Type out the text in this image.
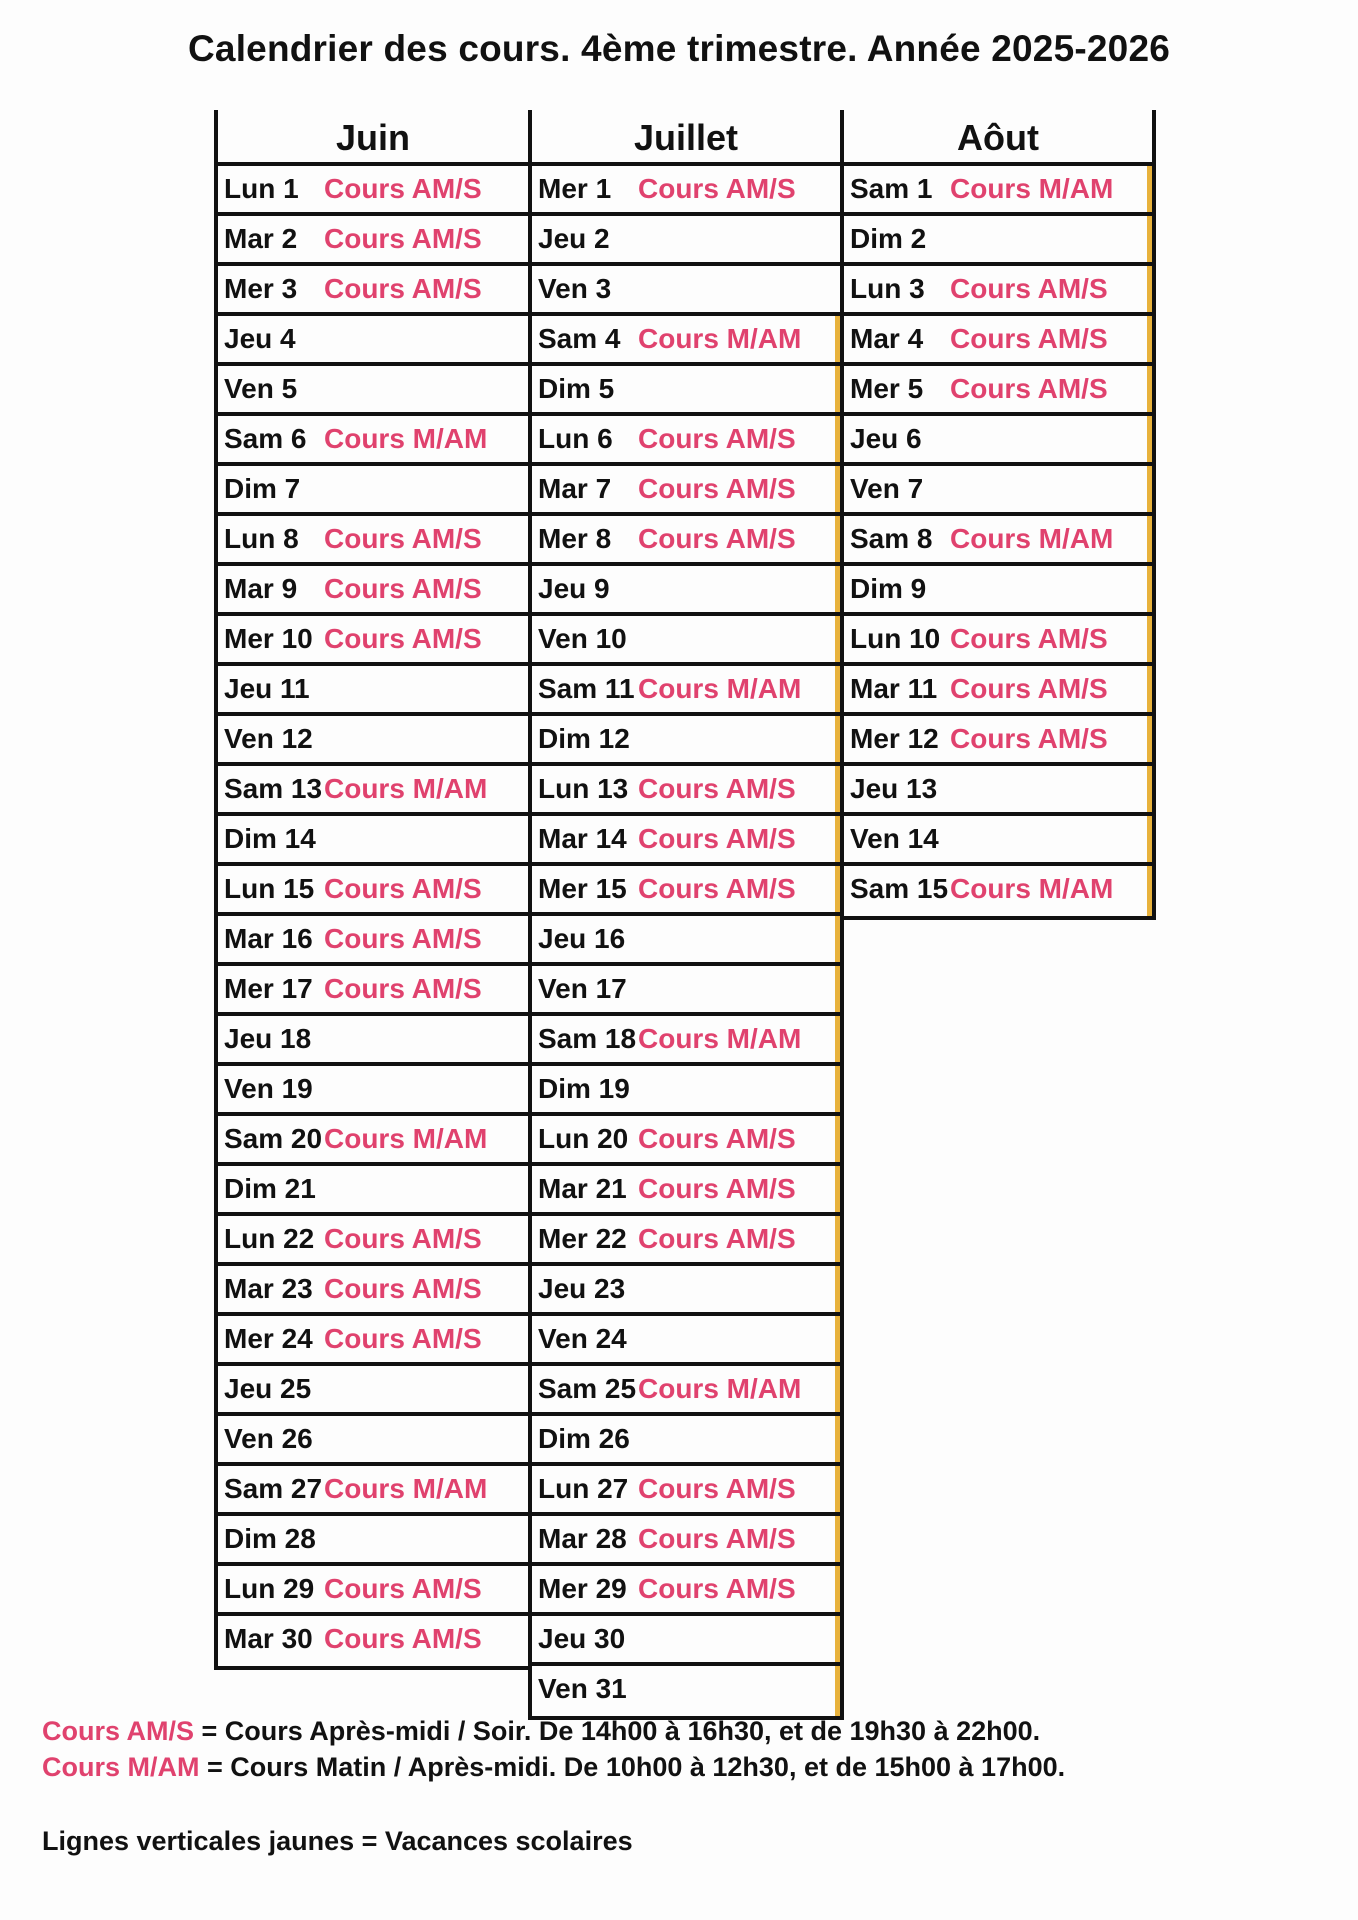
Calendrier des cours. 4ème trimestre. Année 2025-2026
Juin
Lun 1 Cours AM/S
Mar 2 Cours AM/S
Mer 3 Cours AM/S
Jeu 4
Ven 5
Sam 6 Cours M/AM
Dim 7
Lun 8 Cours AM/S
Mar 9 Cours AM/S
Mer 10 Cours AM/S
Jeu 11
Ven 12
Sam 13Cours M/AM
Dim 14
Lun 15 Cours AM/S
Mar 16 Cours AM/S
Mer 17 Cours AM/S
Jeu 18
Ven 19
Sam 20Cours M/AM
Dim 21
Lun 22 Cours AM/S
Mar 23 Cours AM/S
Mer 24 Cours AM/S
Jeu 25
Ven 26
Sam 27Cours M/AM
Dim 28
Lun 29 Cours AM/S
Mar 30 Cours AM/S
Juillet
Mer 1 Cours AM/S
Jeu 2
Ven 3
Sam 4 Cours M/AM
Dim 5
Lun 6 Cours AM/S
Mar 7 Cours AM/S
Mer 8 Cours AM/S
Jeu 9
Ven 10
Sam 11 Cours M/AM
Dim 12
Lun 13 Cours AM/S
Mar 14 Cours AM/S
Mer 15 Cours AM/S
Jeu 16
Ven 17
Sam 18Cours M/AM
Dim 19
Lun 20 Cours AM/S
Mar 21 Cours AM/S
Mer 22 Cours AM/S
Jeu 23
Ven 24
Sam 25Cours M/AM
Dim 26
Lun 27 Cours AM/S
Mar 28 Cours AM/S
Mer 29 Cours AM/S
Jeu 30
Ven 31
Aôut
Sam 1 Cours M/AM
Dim 2
Lun 3 Cours AM/S
Mar 4 Cours AM/S
Mer 5 Cours AM/S
Jeu 6
Ven 7
Sam 8 Cours M/AM
Dim 9
Lun 10 Cours AM/S
Mar 11 Cours AM/S
Mer 12 Cours AM/S
Jeu 13
Ven 14
Sam 15Cours M/AM
Cours AM/S = Cours Après-midi / Soir. De 14h00 à 16h30, et de 19h30 à 22h00.
Cours M/AM = Cours Matin / Après-midi. De 10h00 à 12h30, et de 15h00 à 17h00.
Lignes verticales jaunes = Vacances scolaires
